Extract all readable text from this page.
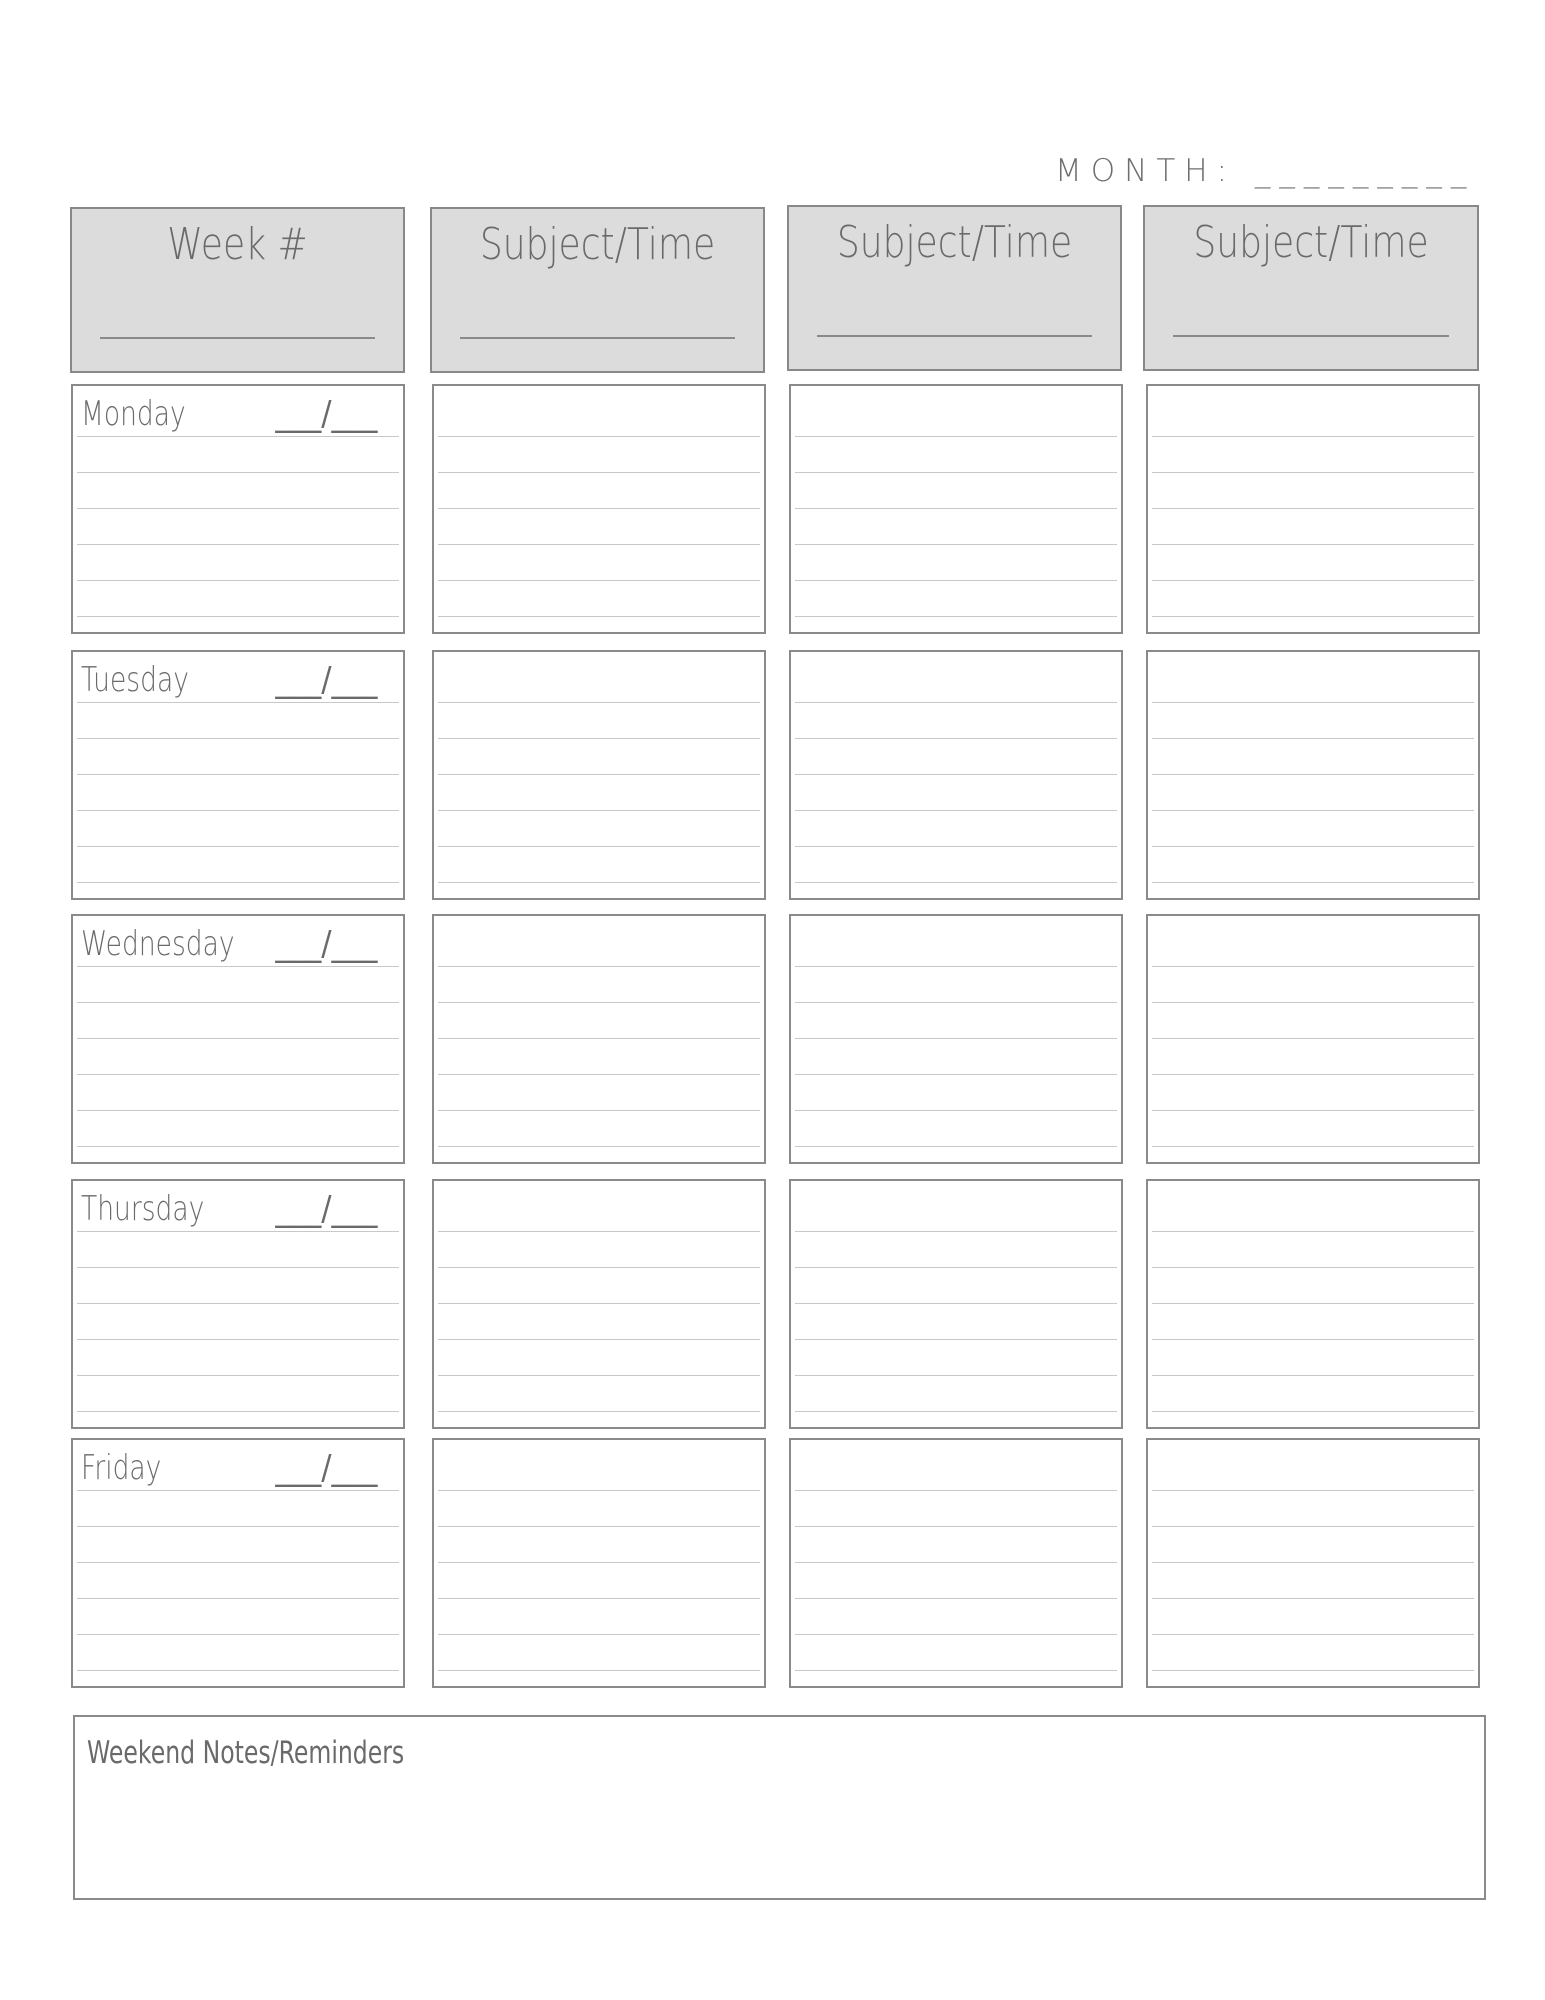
MONTH: _________
Week #	Subject/Time	Subject/Time	Subject/Time
Monday	___/___
Tuesday	___/___
Wednesday ___/___
Thursday ___/___
Friday	___/___
Weekend Notes/Reminders
